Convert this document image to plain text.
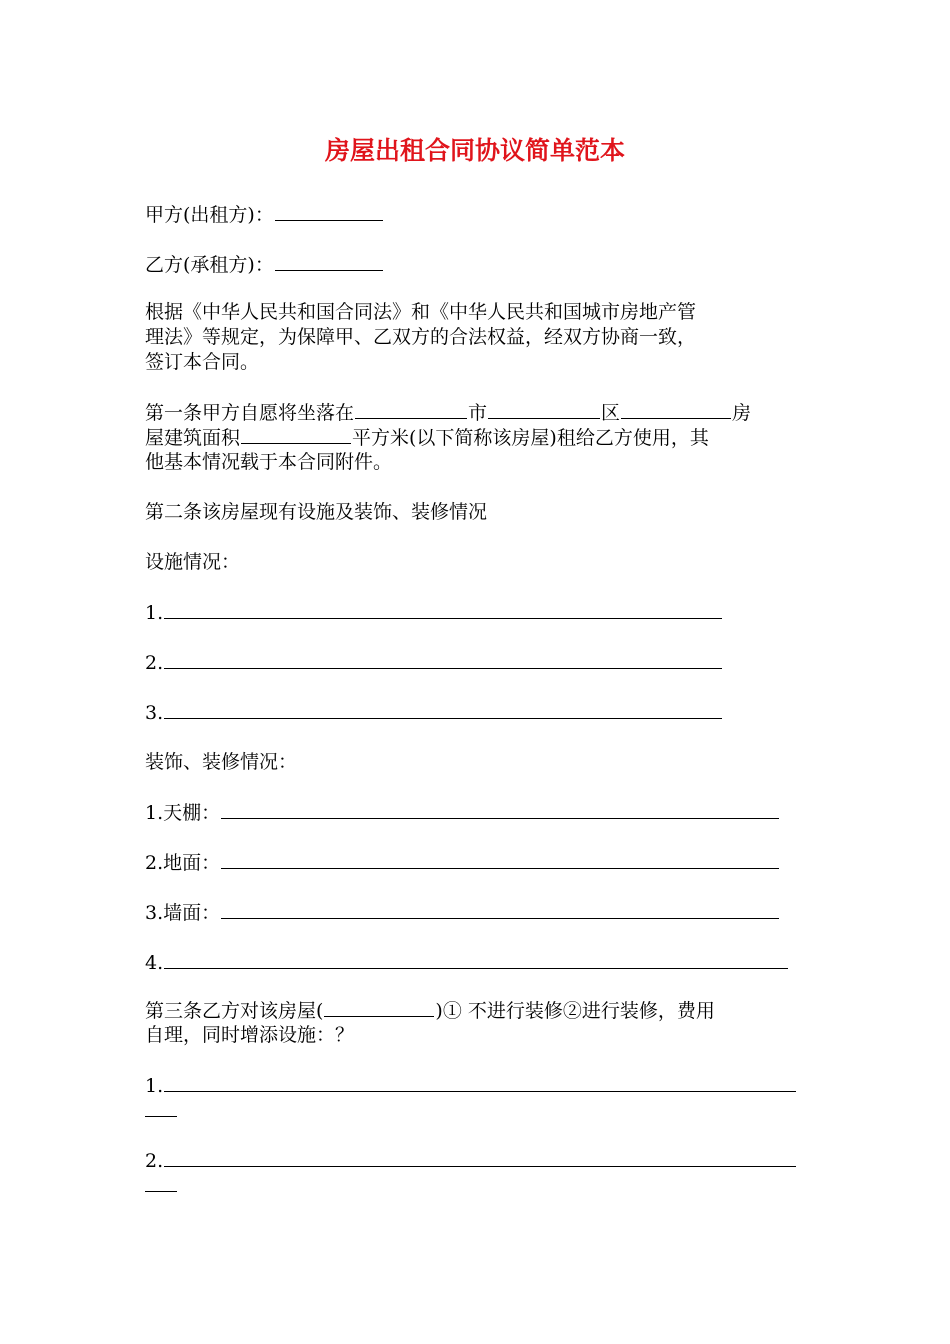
房屋出租合同协议简单范本

甲方(出租方)：

乙方(承租方)：

根据《中华人民共和国合同法》和《中华人民共和国城市房地产管

理法》等规定，为保障甲、乙双方的合法权益，经双方协商一致，

签订本合同。

第一条甲方自愿将坐落在	市	区	房

屋建筑面积	平方米(以下简称该房屋)租给乙方使用，其

他基本情况载于本合同附件。

第二条该房屋现有设施及装饰、装修情况

设施情况：

1.

2.

3.

装饰、装修情况：

1.天棚：

2.地面：

3.墙面：

4.

第三条乙方对该房屋(	)① 不进行装修②进行装修，费用

自理，同时增添设施：？

1.

2.
